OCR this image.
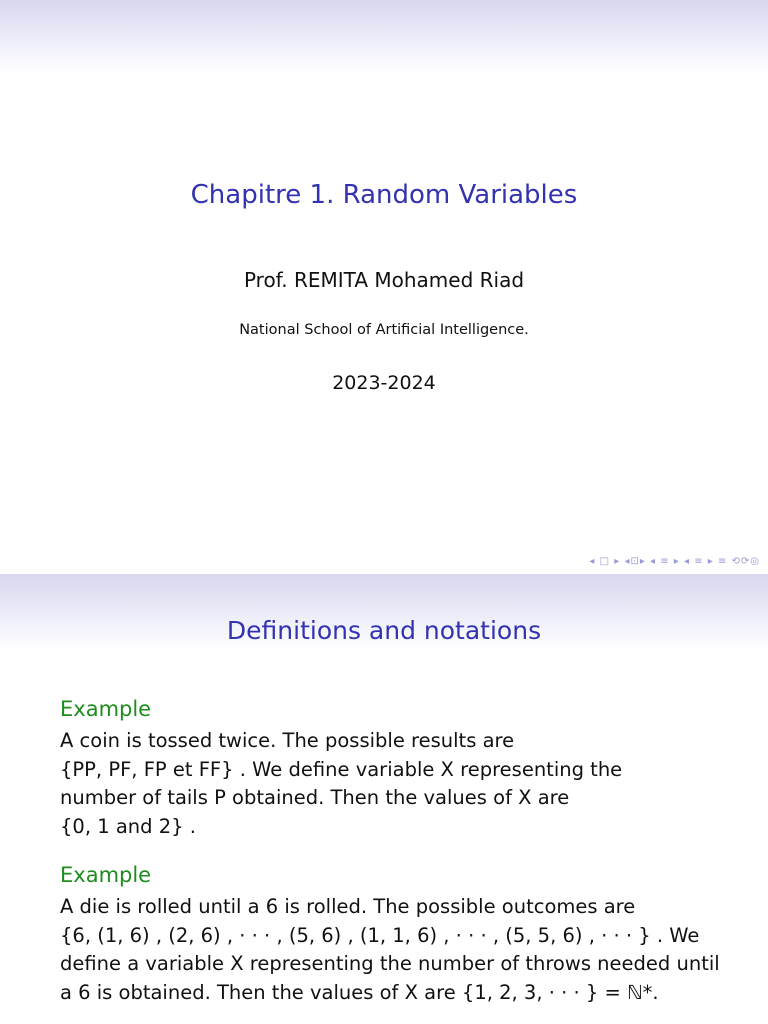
Chapitre 1. Random Variables
Prof. REMITA Mohamed Riad
National School of Artificial Intelligence.
2023-2024
◂ □ ▸ ◂⊡▸ ◂ ≡ ▸ ◂ ≡ ▸ ≡ ⟲⟳◎
Definitions and notations
Example

A coin is tossed twice. The possible results are
{PP, PF, FP et FF} . We define variable X representing the
number of tails P obtained. Then the values of X are
{0, 1 and 2} .

Example

A die is rolled until a 6 is rolled. The possible outcomes are
{6, (1, 6) , (2, 6) , · · · , (5, 6) , (1, 1, 6) , · · · , (5, 5, 6) , · · · } . We
define a variable X representing the number of throws needed until
a 6 is obtained. Then the values of X are {1, 2, 3, · · · } = ℕ*.
